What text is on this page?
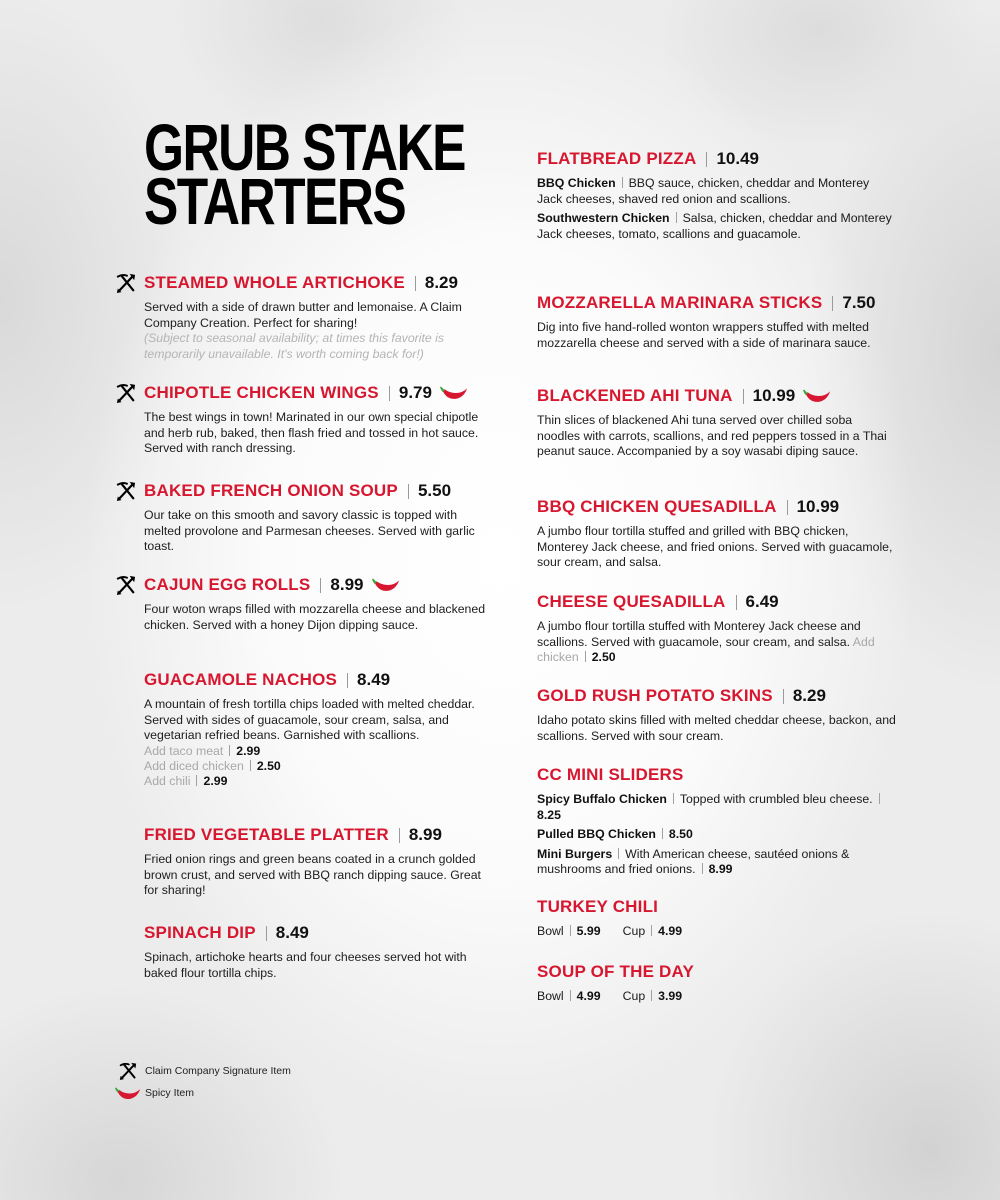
GRUB STAKE
STARTERS
STEAMED WHOLE ARTICHOKE 8.29
Served with a side of drawn butter and lemonaise. A Claim Company Creation. Perfect for sharing!
(Subject to seasonal availability; at times this favorite is temporarily unavailable. It's worth coming back for!)
CHIPOTLE CHICKEN WINGS 9.79
The best wings in town! Marinated in our own special chipotle and herb rub, baked, then flash fried and tossed in hot sauce. Served with ranch dressing.
BAKED FRENCH ONION SOUP 5.50
Our take on this smooth and savory classic is topped with melted provolone and Parmesan cheeses. Served with garlic toast.
CAJUN EGG ROLLS 8.99
Four woton wraps filled with mozzarella cheese and blackened chicken. Served with a honey Dijon dipping sauce.
GUACAMOLE NACHOS 8.49
A mountain of fresh tortilla chips loaded with melted cheddar. Served with sides of guacamole, sour cream, salsa, and vegetarian refried beans. Garnished with scallions.
Add taco meat 2.99
Add diced chicken 2.50
Add chili 2.99
FRIED VEGETABLE PLATTER 8.99
Fried onion rings and green beans coated in a crunch golded brown crust, and served with BBQ ranch dipping sauce. Great for sharing!
SPINACH DIP 8.49
Spinach, artichoke hearts and four cheeses served hot with baked flour tortilla chips.
FLATBREAD PIZZA 10.49
BBQ Chicken BBQ sauce, chicken, cheddar and Monterey Jack cheeses, shaved red onion and scallions.
Southwestern Chicken Salsa, chicken, cheddar and Monterey Jack cheeses, tomato, scallions and guacamole.
MOZZARELLA MARINARA STICKS 7.50
Dig into five hand-rolled wonton wrappers stuffed with melted mozzarella cheese and served with a side of marinara sauce.
BLACKENED AHI TUNA 10.99
Thin slices of blackened Ahi tuna served over chilled soba noodles with carrots, scallions, and red peppers tossed in a Thai peanut sauce. Accompanied by a soy wasabi diping sauce.
BBQ CHICKEN QUESADILLA 10.99
A jumbo flour tortilla stuffed and grilled with BBQ chicken, Monterey Jack cheese, and fried onions. Served with guacamole, sour cream, and salsa.
CHEESE QUESADILLA 6.49
A jumbo flour tortilla stuffed with Monterey Jack cheese and scallions. Served with guacamole, sour cream, and salsa. Add chicken 2.50
GOLD RUSH POTATO SKINS 8.29
Idaho potato skins filled with melted cheddar cheese, backon, and scallions. Served with sour cream.
CC MINI SLIDERS
Spicy Buffalo Chicken Topped with crumbled bleu cheese.8.25
Pulled BBQ Chicken 8.50
Mini Burgers With American cheese, sautéed onions & mushrooms and fried onions. 8.99
TURKEY CHILI
Bowl 5.99 Cup 4.99
SOUP OF THE DAY
Bowl 4.99 Cup 3.99
Claim Company Signature Item
Spicy Item
